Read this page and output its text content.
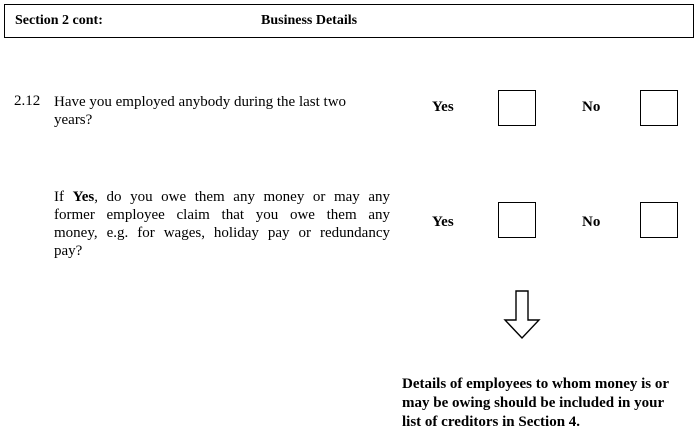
Section 2 cont:	Business Details
2.12 Have you employed anybody during the last two years?
Yes	No
If Yes, do you owe them any money or may any
former employee claim that you owe them any
money, e.g. for wages, holiday pay or redundancy
pay?
Yes	No
Details of employees to whom money is or may be owing should be included in your list of creditors in Section 4.
